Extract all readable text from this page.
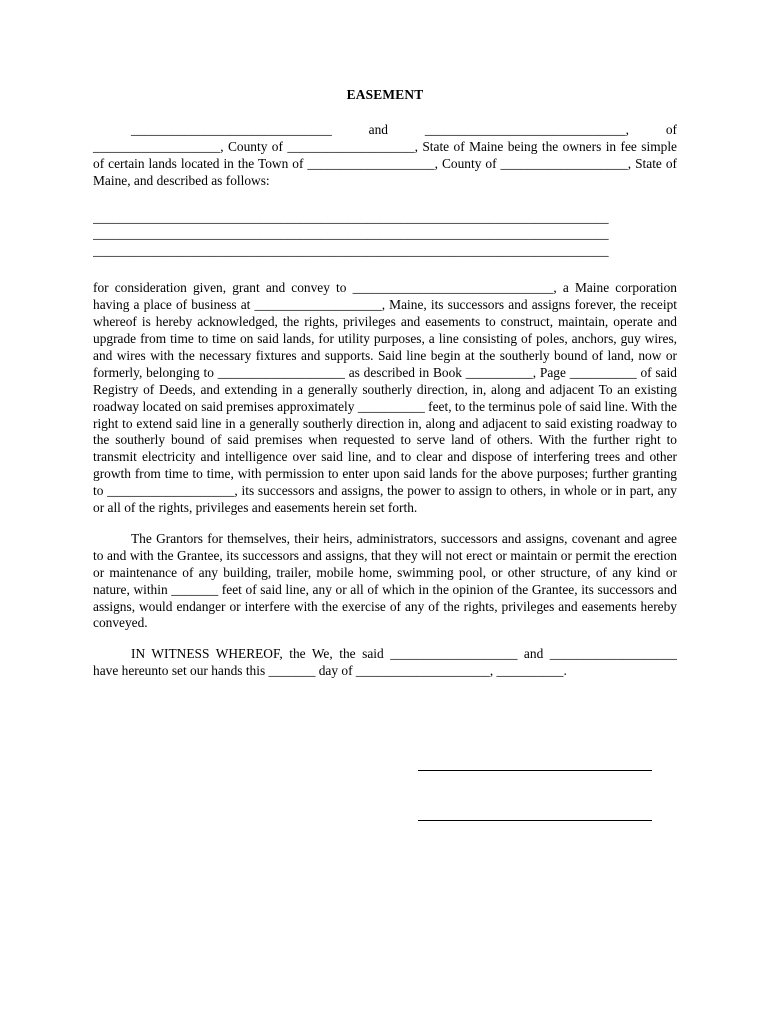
EASEMENT

______________________________ and ______________________________, of ___________________, County of ___________________, State of Maine being the owners in fee simple of certain lands located in the Town of ___________________, County of ___________________, State of Maine, and described as follows:

_____________________________________________________________________________
_____________________________________________________________________________
_____________________________________________________________________________

for consideration given, grant and convey to ______________________________, a Maine corporation having a place of business at ___________________, Maine, its successors and assigns forever, the receipt whereof is hereby acknowledged, the rights, privileges and easements to construct, maintain, operate and upgrade from time to time on said lands, for utility purposes, a line consisting of poles, anchors, guy wires, and wires with the necessary fixtures and supports. Said line begin at the southerly bound of land, now or formerly, belonging to ___________________ as described in Book __________, Page __________ of said Registry of Deeds, and extending in a generally southerly direction, in, along and adjacent To an existing roadway located on said premises approximately __________ feet, to the terminus pole of said line. With the right to extend said line in a generally southerly direction in, along and adjacent to said existing roadway to the southerly bound of said premises when requested to serve land of others. With the further right to transmit electricity and intelligence over said line, and to clear and dispose of interfering trees and other growth from time to time, with permission to enter upon said lands for the above purposes; further granting to ___________________, its successors and assigns, the power to assign to others, in whole or in part, any or all of the rights, privileges and easements herein set forth.

The Grantors for themselves, their heirs, administrators, successors and assigns, covenant and agree to and with the Grantee, its successors and assigns, that they will not erect or maintain or permit the erection or maintenance of any building, trailer, mobile home, swimming pool, or other structure, of any kind or nature, within _______ feet of said line, any or all of which in the opinion of the Grantee, its successors and assigns, would endanger or interfere with the exercise of any of the rights, privileges and easements hereby conveyed.

IN WITNESS WHEREOF, the We, the said ___________________ and ___________________ have hereunto set our hands this _______ day of ____________________, __________.
